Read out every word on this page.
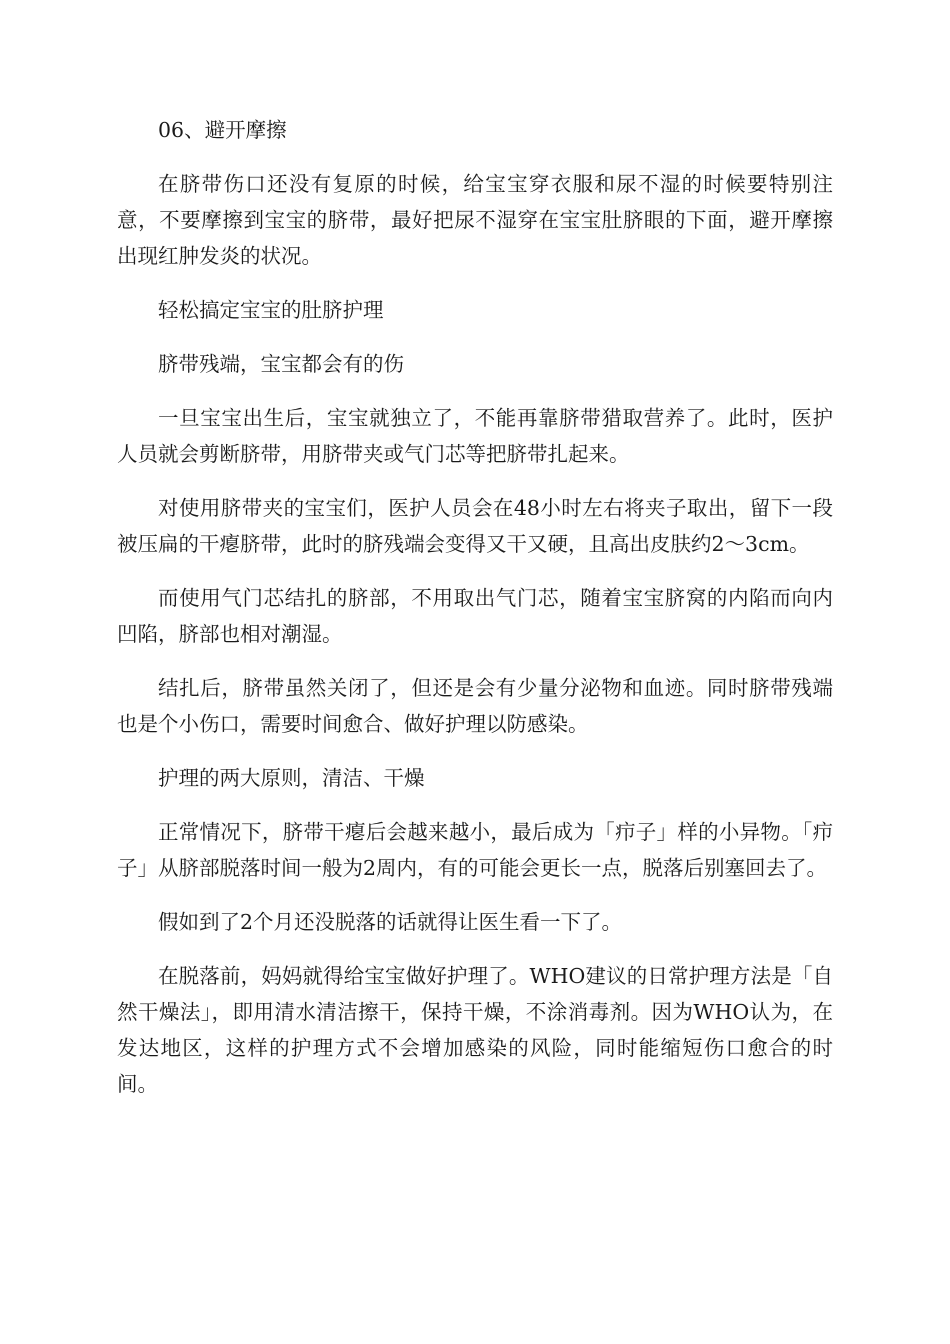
06、避开摩擦

在脐带伤口还没有复原的时候，给宝宝穿衣服和尿不湿的时候要特别注意，不要摩擦到宝宝的脐带，最好把尿不湿穿在宝宝肚脐眼的下面，避开摩擦出现红肿发炎的状况。

轻松搞定宝宝的肚脐护理

脐带残端，宝宝都会有的伤

一旦宝宝出生后，宝宝就独立了，不能再靠脐带猎取营养了。此时，医护人员就会剪断脐带，用脐带夹或气门芯等把脐带扎起来。

对使用脐带夹的宝宝们，医护人员会在48小时左右将夹子取出，留下一段被压扁的干瘪脐带，此时的脐残端会变得又干又硬，且高出皮肤约2～3cm。

而使用气门芯结扎的脐部，不用取出气门芯，随着宝宝脐窝的内陷而向内凹陷，脐部也相对潮湿。

结扎后，脐带虽然关闭了，但还是会有少量分泌物和血迹。同时脐带残端也是个小伤口，需要时间愈合、做好护理以防感染。

护理的两大原则，清洁、干燥

正常情况下，脐带干瘪后会越来越小，最后成为「疖子」样的小异物。「疖子」从脐部脱落时间一般为2周内，有的可能会更长一点，脱落后别塞回去了。

假如到了2个月还没脱落的话就得让医生看一下了。

在脱落前，妈妈就得给宝宝做好护理了。WHO建议的日常护理方法是「自然干燥法」，即用清水清洁擦干，保持干燥，不涂消毒剂。因为WHO认为，在发达地区，这样的护理方式不会增加感染的风险，同时能缩短伤口愈合的时间。
